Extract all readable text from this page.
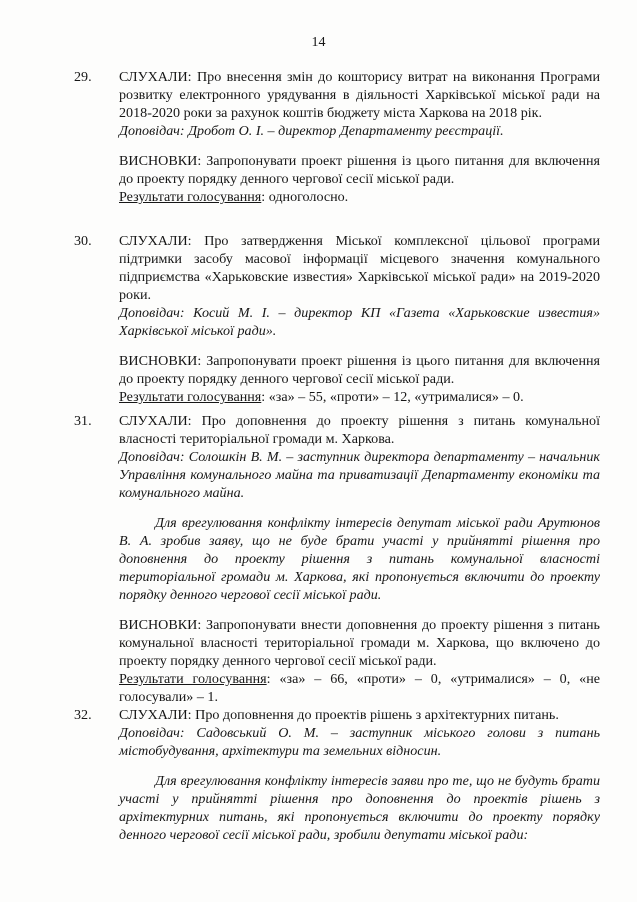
14
29. СЛУХАЛИ: Про внесення змін до кошторису витрат на виконання Програми розвитку електронного урядування в діяльності Харківської міської ради на 2018-2020 роки за рахунок коштів бюджету міста Харкова на 2018 рік.
Доповідач: Дробот О. І. – директор Департаменту реєстрації.
ВИСНОВКИ: Запропонувати проект рішення із цього питання для включення до проекту порядку денного чергової сесії міської ради.
Результати голосування: одноголосно.
30. СЛУХАЛИ: Про затвердження Міської комплексної цільової програми підтримки засобу масової інформації місцевого значення комунального підприємства «Харьковские известия» Харківської міської ради» на 2019-2020 роки.
Доповідач: Косий М. І. – директор КП «Газета «Харьковские известия» Харківської міської ради».
ВИСНОВКИ: Запропонувати проект рішення із цього питання для включення до проекту порядку денного чергової сесії міської ради.
Результати голосування: «за» – 55, «проти» – 12, «утрималися» – 0.
31. СЛУХАЛИ: Про доповнення до проекту рішення з питань комунальної власності територіальної громади м. Харкова.
Доповідач: Солошкін В. М. – заступник директора департаменту – начальник Управління комунального майна та приватизації Департаменту економіки та комунального майна.
Для врегулювання конфлікту інтересів депутат міської ради Арутюнов В. А. зробив заяву, що не буде брати участі у прийнятті рішення про доповнення до проекту рішення з питань комунальної власності територіальної громади м. Харкова, які пропонується включити до проекту порядку денного чергової сесії міської ради.
ВИСНОВКИ: Запропонувати внести доповнення до проекту рішення з питань комунальної власності територіальної громади м. Харкова, що включено до проекту порядку денного чергової сесії міської ради.
Результати голосування: «за» – 66, «проти» – 0, «утрималися» – 0, «не голосували» – 1.
32. СЛУХАЛИ: Про доповнення до проектів рішень з архітектурних питань.
Доповідач: Садовський О. М. – заступник міського голови з питань містобудування, архітектури та земельних відносин.
Для врегулювання конфлікту інтересів заяви про те, що не будуть брати участі у прийнятті рішення про доповнення до проектів рішень з архітектурних питань, які пропонується включити до проекту порядку денного чергової сесії міської ради, зробили депутати міської ради:
